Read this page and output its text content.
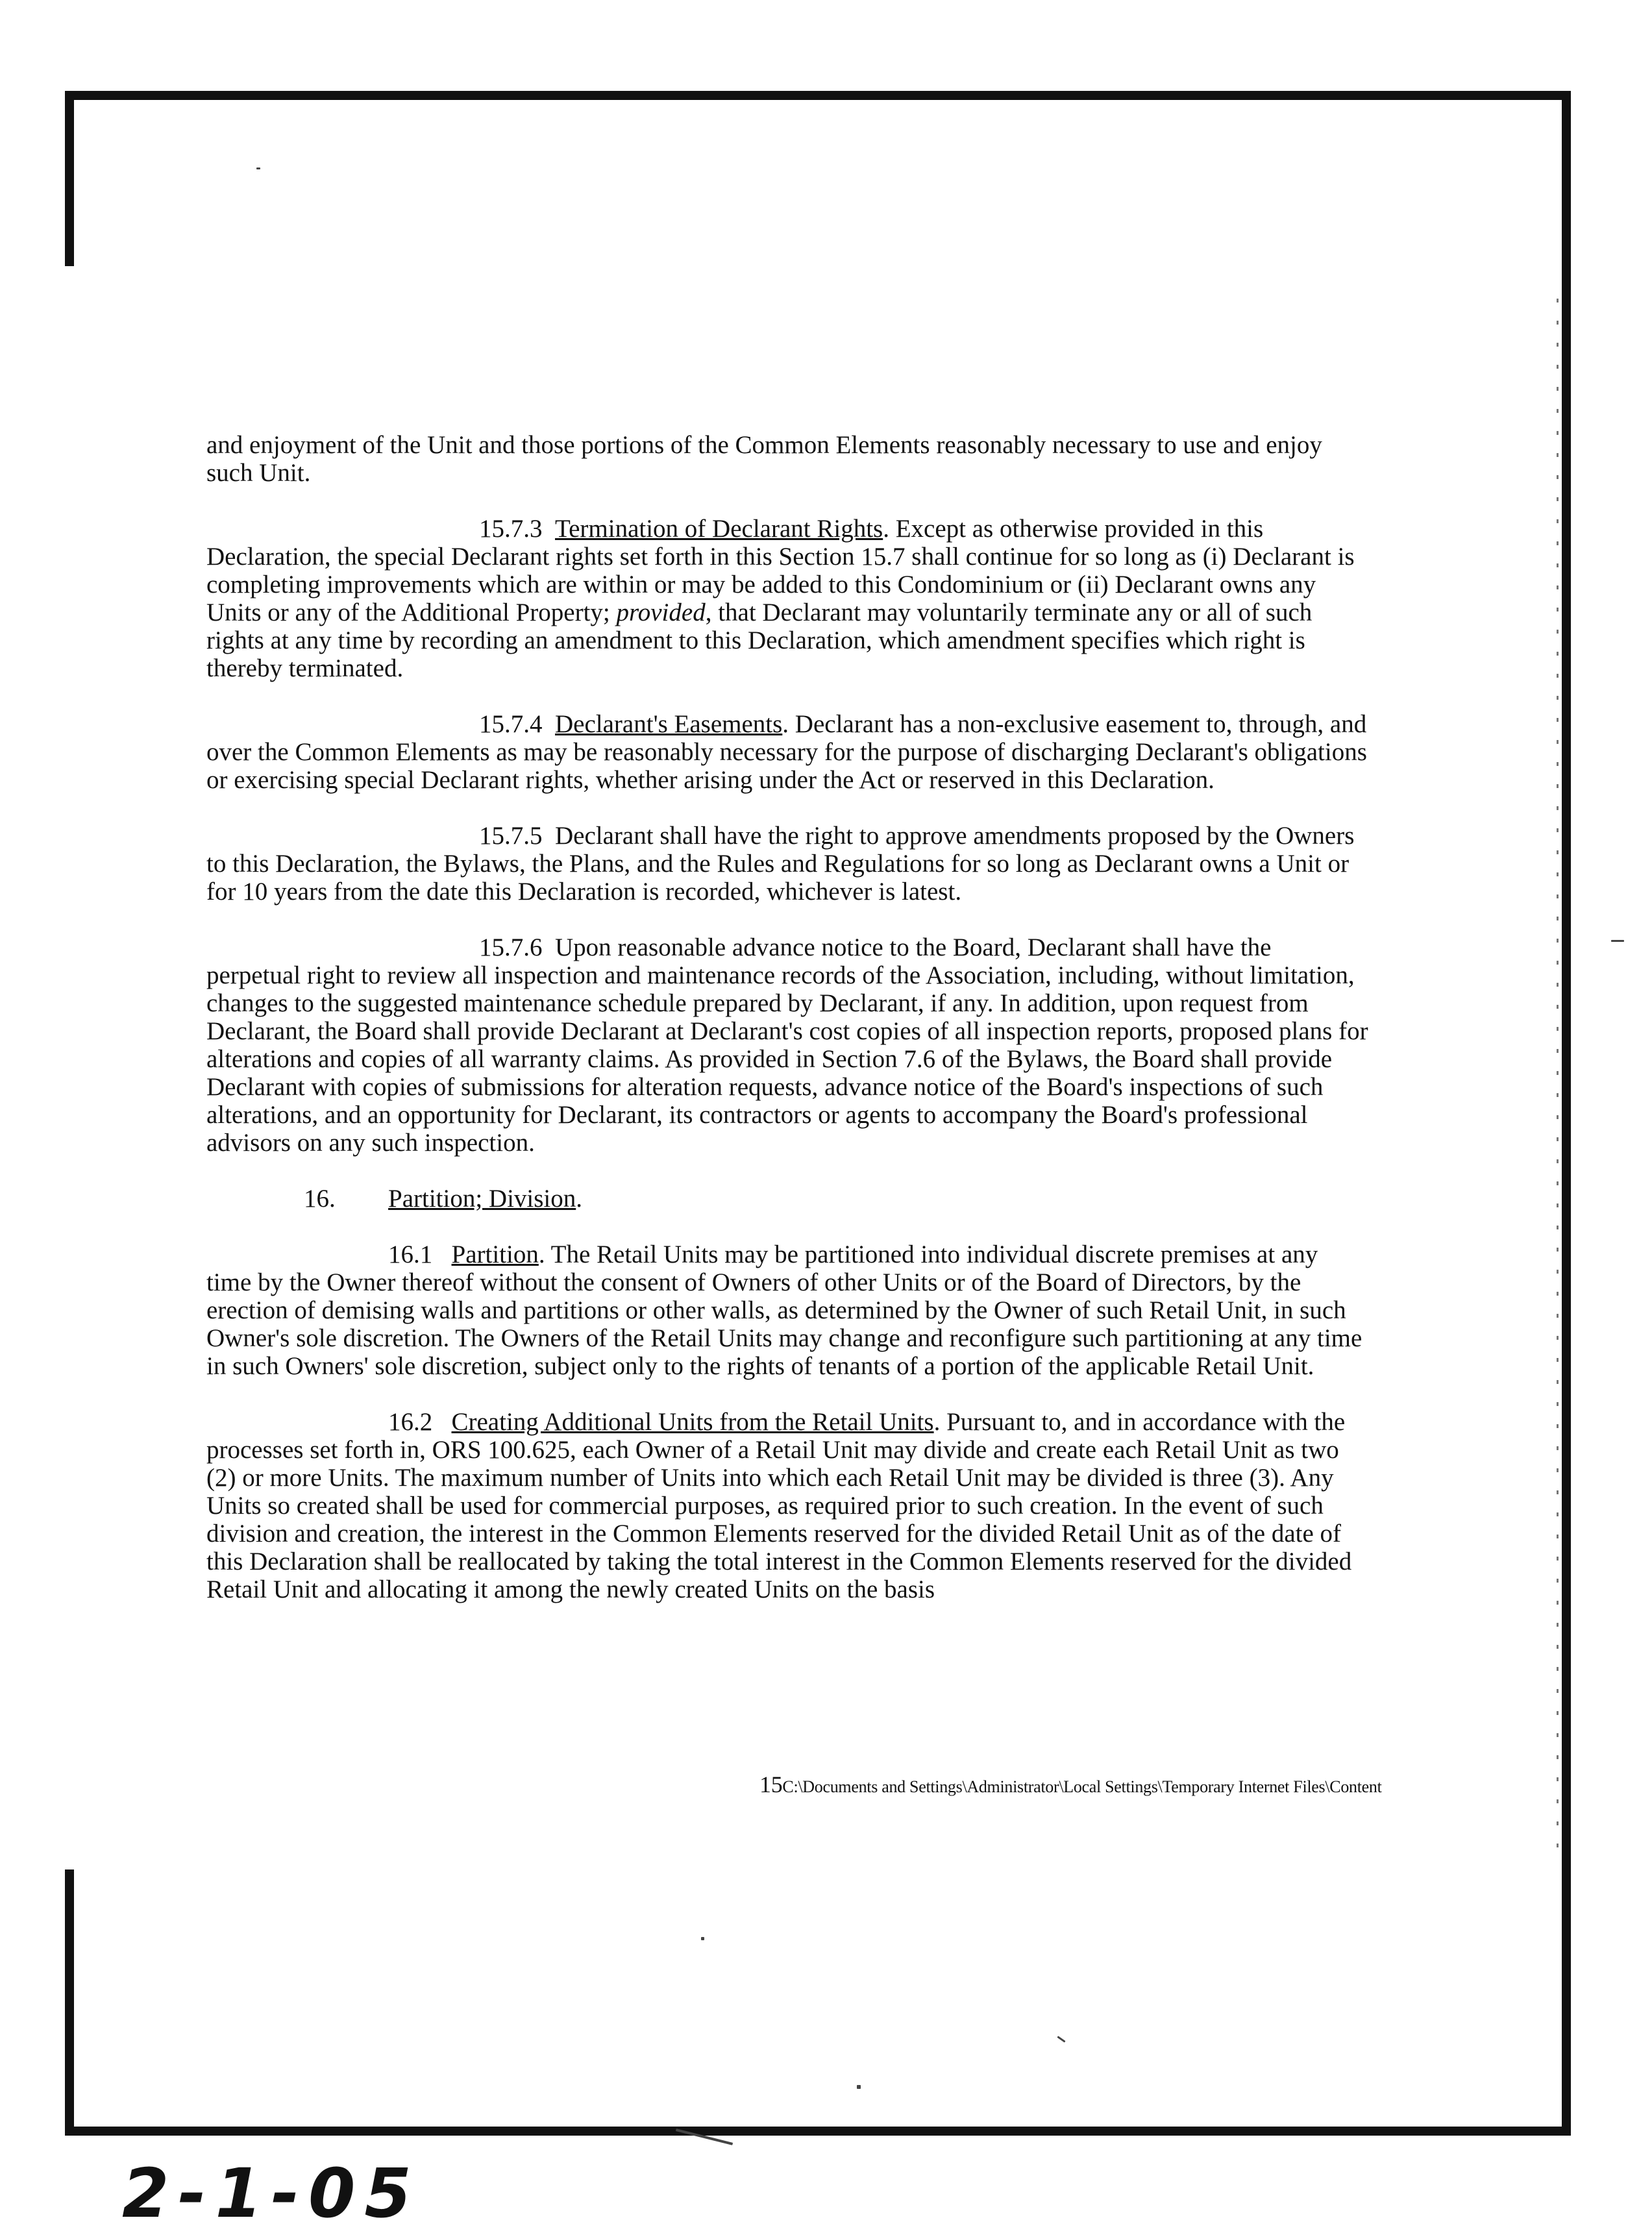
and enjoyment of the Unit and those portions of the Common Elements reasonably necessary to use and enjoy such Unit.

15.7.3 Termination of Declarant Rights. Except as otherwise provided in this Declaration, the special Declarant rights set forth in this Section 15.7 shall continue for so long as (i) Declarant is completing improvements which are within or may be added to this Condominium or (ii) Declarant owns any Units or any of the Additional Property; provided, that Declarant may voluntarily terminate any or all of such rights at any time by recording an amendment to this Declaration, which amendment specifies which right is thereby terminated.

15.7.4 Declarant's Easements. Declarant has a non-exclusive easement to, through, and over the Common Elements as may be reasonably necessary for the purpose of discharging Declarant's obligations or exercising special Declarant rights, whether arising under the Act or reserved in this Declaration.

15.7.5 Declarant shall have the right to approve amendments proposed by the Owners to this Declaration, the Bylaws, the Plans, and the Rules and Regulations for so long as Declarant owns a Unit or for 10 years from the date this Declaration is recorded, whichever is latest.

15.7.6 Upon reasonable advance notice to the Board, Declarant shall have the perpetual right to review all inspection and maintenance records of the Association, including, without limitation, changes to the suggested maintenance schedule prepared by Declarant, if any. In addition, upon request from Declarant, the Board shall provide Declarant at Declarant's cost copies of all inspection reports, proposed plans for alterations and copies of all warranty claims. As provided in Section 7.6 of the Bylaws, the Board shall provide Declarant with copies of submissions for alteration requests, advance notice of the Board's inspections of such alterations, and an opportunity for Declarant, its contractors or agents to accompany the Board's professional advisors on any such inspection.

16. Partition; Division.

16.1 Partition. The Retail Units may be partitioned into individual discrete premises at any time by the Owner thereof without the consent of Owners of other Units or of the Board of Directors, by the erection of demising walls and partitions or other walls, as determined by the Owner of such Retail Unit, in such Owner's sole discretion. The Owners of the Retail Units may change and reconfigure such partitioning at any time in such Owners' sole discretion, subject only to the rights of tenants of a portion of the applicable Retail Unit.

16.2 Creating Additional Units from the Retail Units. Pursuant to, and in accordance with the processes set forth in, ORS 100.625, each Owner of a Retail Unit may divide and create each Retail Unit as two (2) or more Units. The maximum number of Units into which each Retail Unit may be divided is three (3). Any Units so created shall be used for commercial purposes, as required prior to such creation. In the event of such division and creation, the interest in the Common Elements reserved for the divided Retail Unit as of the date of this Declaration shall be reallocated by taking the total interest in the Common Elements reserved for the divided Retail Unit and allocating it among the newly created Units on the basis

15C:\Documents and Settings\Administrator\Local Settings\Temporary Internet Files\Content
2-1-05
